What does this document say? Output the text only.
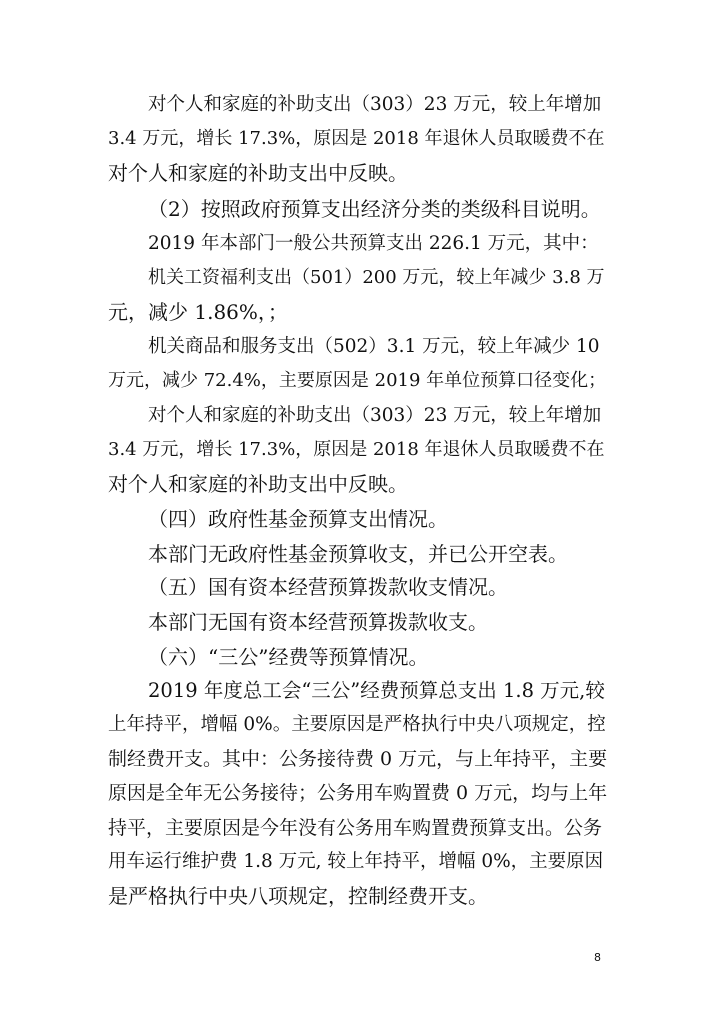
对个人和家庭的补助支出（303）23 万元，较上年增加
3.4 万元，增长 17.3%，原因是 2018 年退休人员取暖费不在
对个人和家庭的补助支出中反映。
（2）按照政府预算支出经济分类的类级科目说明。
2019 年本部门一般公共预算支出 226.1 万元，其中：
机关工资福利支出（501）200 万元，较上年减少 3.8 万
元，减少 1.86%，；
机关商品和服务支出（502）3.1 万元，较上年减少 10
万元，减少 72.4%，主要原因是 2019 年单位预算口径变化；
对个人和家庭的补助支出（303）23 万元，较上年增加
3.4 万元，增长 17.3%，原因是 2018 年退休人员取暖费不在
对个人和家庭的补助支出中反映。
（四）政府性基金预算支出情况。
本部门无政府性基金预算收支，并已公开空表。
（五）国有资本经营预算拨款收支情况。
本部门无国有资本经营预算拨款收支。
（六）“三公”经费等预算情况。
2019 年度总工会“三公”经费预算总支出 1.8 万元,较
上年持平，增幅 0%。主要原因是严格执行中央八项规定，控
制经费开支。其中：公务接待费 0 万元，与上年持平，主要
原因是全年无公务接待；公务用车购置费 0 万元，均与上年
持平，主要原因是今年没有公务用车购置费预算支出。公务
用车运行维护费 1.8 万元, 较上年持平，增幅 0%，主要原因
是严格执行中央八项规定，控制经费开支。
8
